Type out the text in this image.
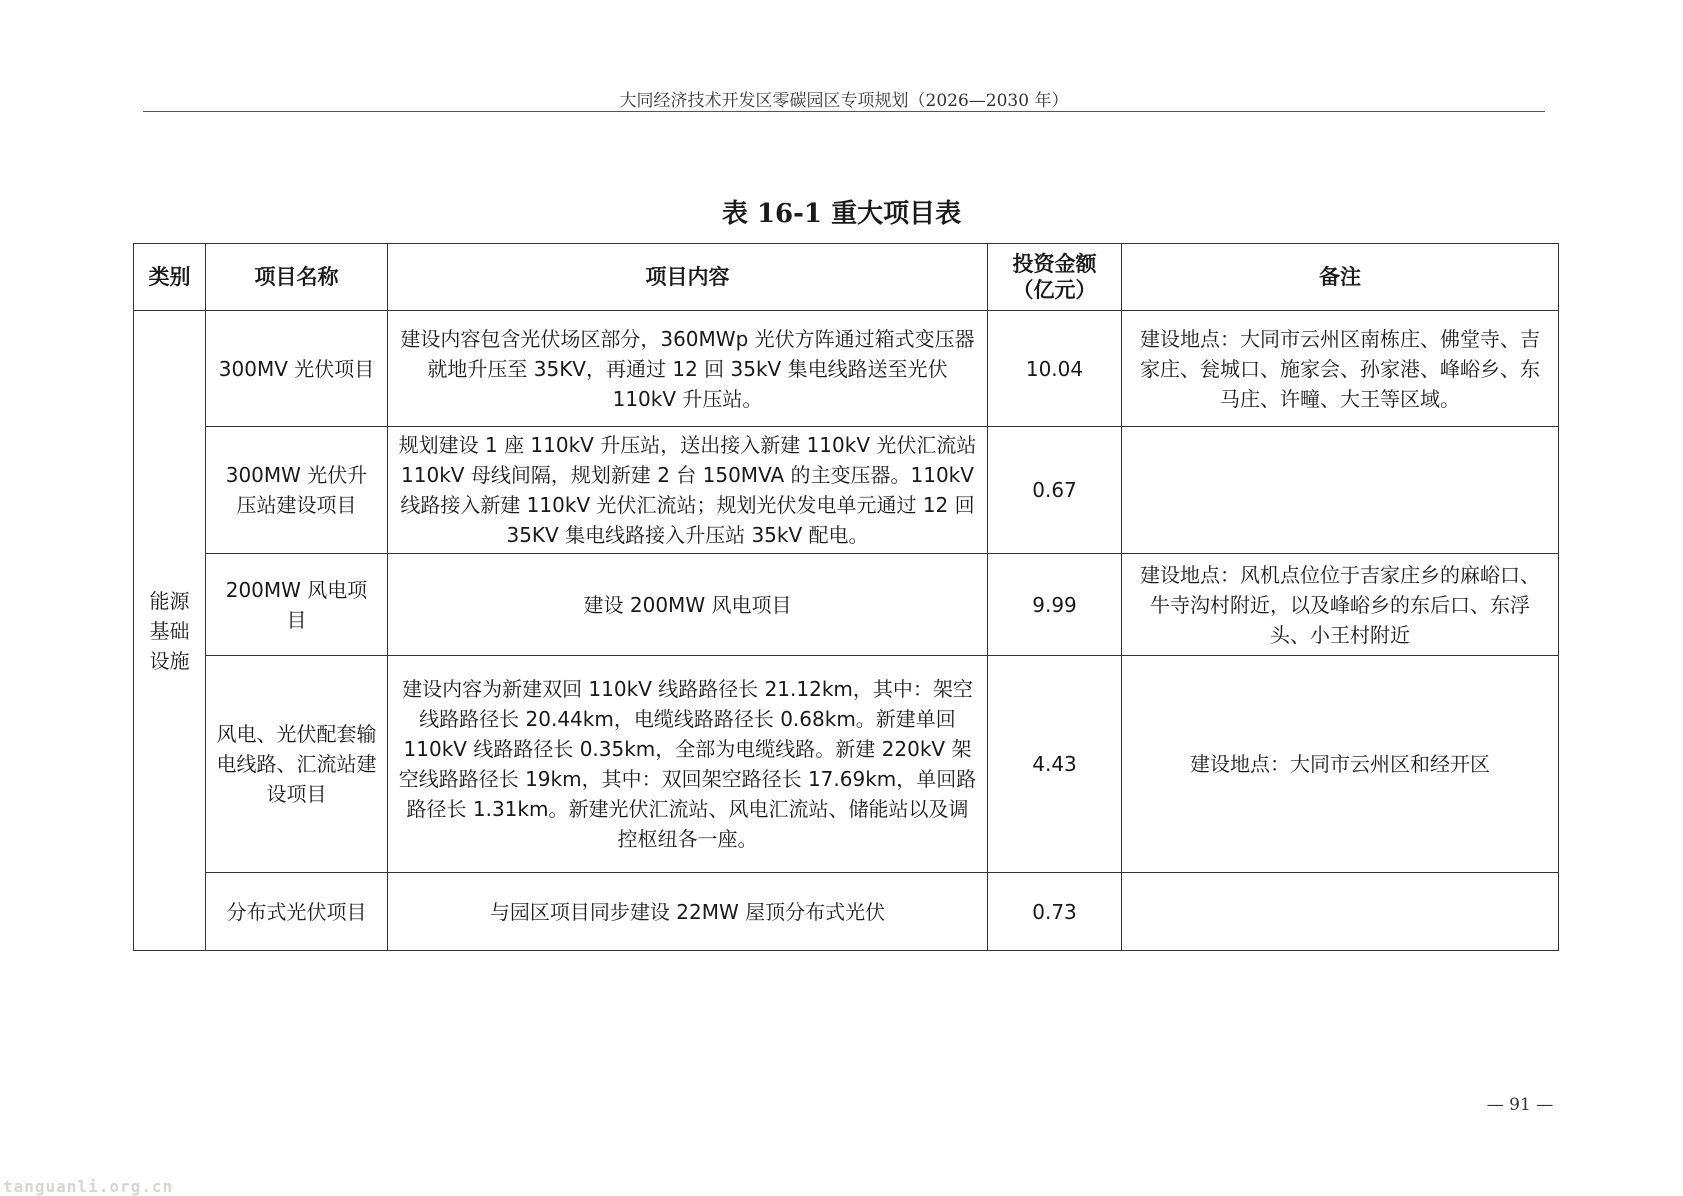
大同经济技术开发区零碳园区专项规划（2026—2030 年）
表 16-1 重大项目表
类别	项目名称	项目内容	投资金额
（亿元）	备注
能源基础设施	300MV 光伏项目	建设内容包含光伏场区部分，360MWp 光伏方阵通过箱式变压器就地升压至 35KV，再通过 12 回 35kV 集电线路送至光伏 110kV 升压站。	10.04	建设地点：大同市云州区南栋庄、佛堂寺、吉家庄、瓮城口、施家会、孙家港、峰峪乡、东马庄、许疃、大王等区域。
	300MW 光伏升压站建设项目	规划建设 1 座 110kV 升压站，送出接入新建 110kV 光伏汇流站 110kV 母线间隔，规划新建 2 台 150MVA 的主变压器。110kV 线路接入新建 110kV 光伏汇流站；规划光伏发电单元通过 12 回 35KV 集电线路接入升压站 35kV 配电。	0.67	
	200MW 风电项目	建设 200MW 风电项目	9.99	建设地点：风机点位位于吉家庄乡的麻峪口、牛寺沟村附近，以及峰峪乡的东后口、东浮头、小王村附近
	风电、光伏配套输电线路、汇流站建设项目	建设内容为新建双回 110kV 线路路径长 21.12km，其中：架空线路路径长 20.44km，电缆线路路径长 0.68km。新建单回 110kV 线路路径长 0.35km，全部为电缆线路。新建 220kV 架空线路路径长 19km，其中：双回架空路径长 17.69km，单回路路径长 1.31km。新建光伏汇流站、风电汇流站、储能站以及调控枢纽各一座。	4.43	建设地点：大同市云州区和经开区
	分布式光伏项目	与园区项目同步建设 22MW 屋顶分布式光伏	0.73	
— 91 —
tanguanli.org.cn
